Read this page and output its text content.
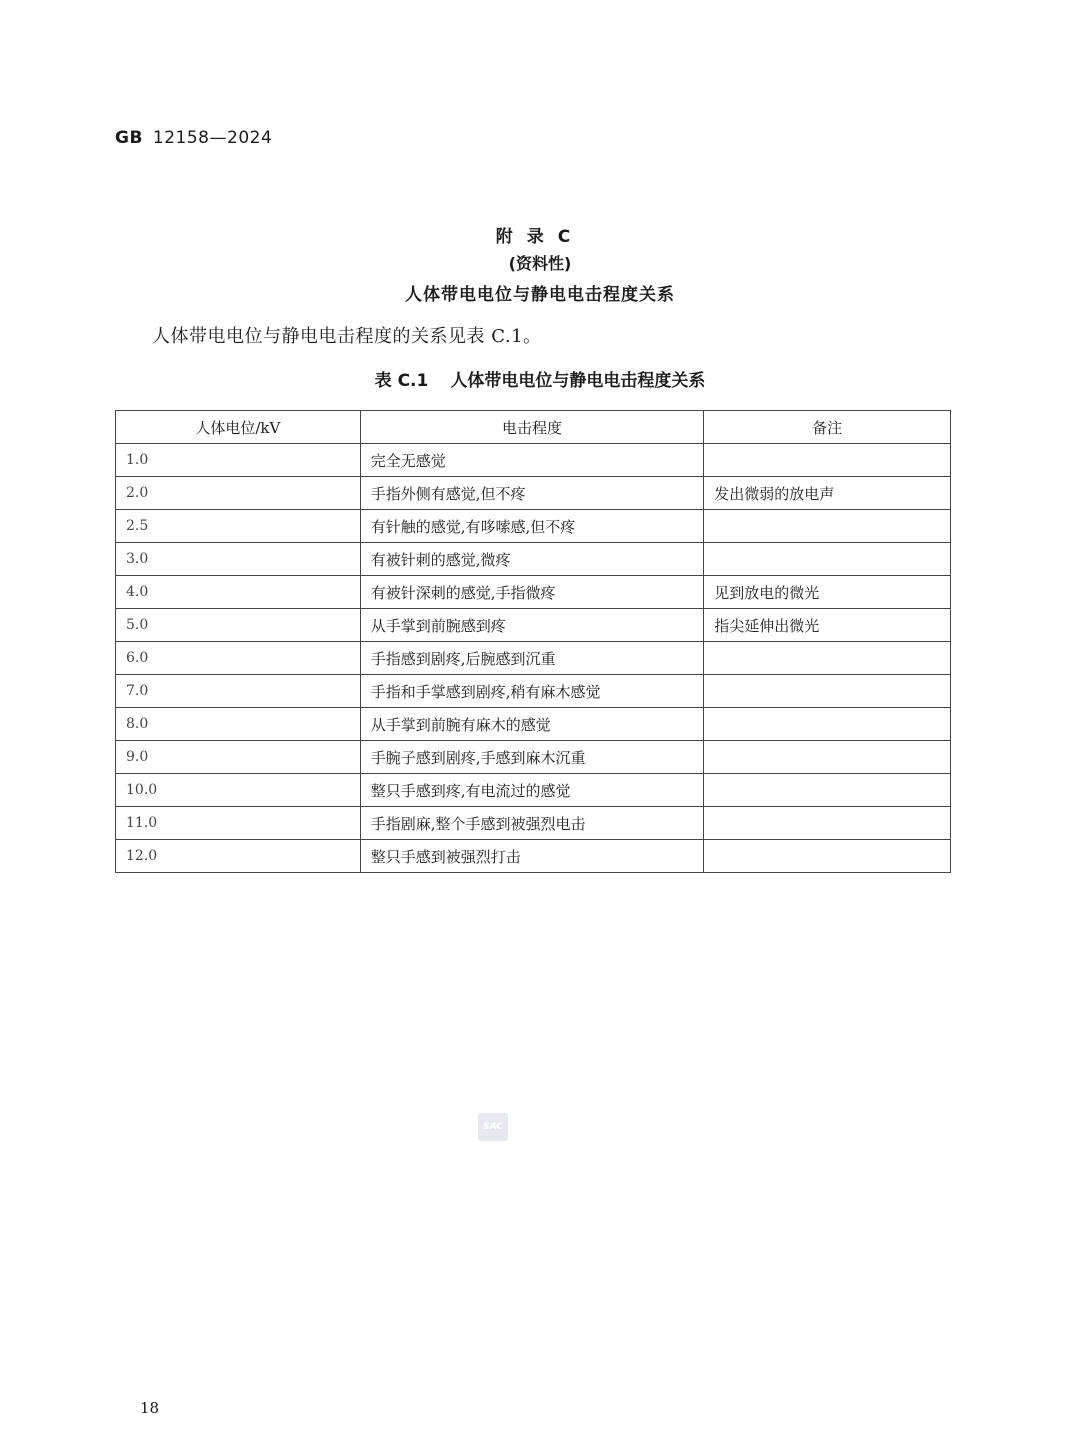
GB 12158—2024
附录C
(资料性)
人体带电电位与静电电击程度关系
人体带电电位与静电电击程度的关系见表 C.1。
表 C.1 人体带电电位与静电电击程度关系
人体电位/kV	电击程度	备注
1.0	完全无感觉	
2.0	手指外侧有感觉,但不疼	发出微弱的放电声
2.5	有针触的感觉,有哆嗦感,但不疼	
3.0	有被针刺的感觉,微疼	
4.0	有被针深刺的感觉,手指微疼	见到放电的微光
5.0	从手掌到前腕感到疼	指尖延伸出微光
6.0	手指感到剧疼,后腕感到沉重	
7.0	手指和手掌感到剧疼,稍有麻木感觉	
8.0	从手掌到前腕有麻木的感觉	
9.0	手腕子感到剧疼,手感到麻木沉重	
10.0	整只手感到疼,有电流过的感觉	
11.0	手指剧麻,整个手感到被强烈电击	
12.0	整只手感到被强烈打击	
SAC
18
